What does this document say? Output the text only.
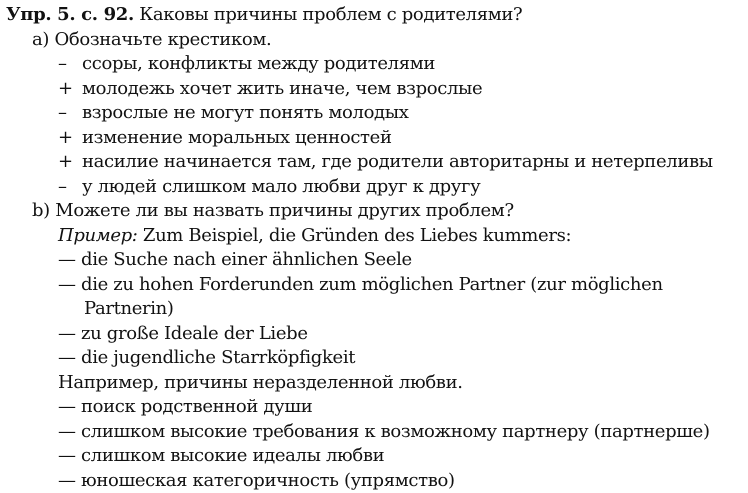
Упр. 5. с. 92. Каковы причины проблем с родителями?
a) Обозначьте крестиком.
– ссоры, конфликты между родителями
+ молодежь хочет жить иначе, чем взрослые
– взрослые не могут понять молодых
+ изменение моральных ценностей
+ насилие начинается там, где родители авторитарны и нетерпеливы
– у людей слишком мало любви друг к другу
b) Можете ли вы назвать причины других проблем?
Пример: Zum Beispiel, die Gründen des Liebes kummers:
— die Suche nach einer ähnlichen Seele
— die zu hohen Forderunden zum möglichen Partner (zur möglichen
Partnerin)
— zu große Ideale der Liebe
— die jugendliche Starrköpfigkeit
Например, причины неразделенной любви.
— поиск родственной души
— слишком высокие требования к возможному партнеру (партнерше)
— слишком высокие идеалы любви
— юношеская категоричность (упрямство)
